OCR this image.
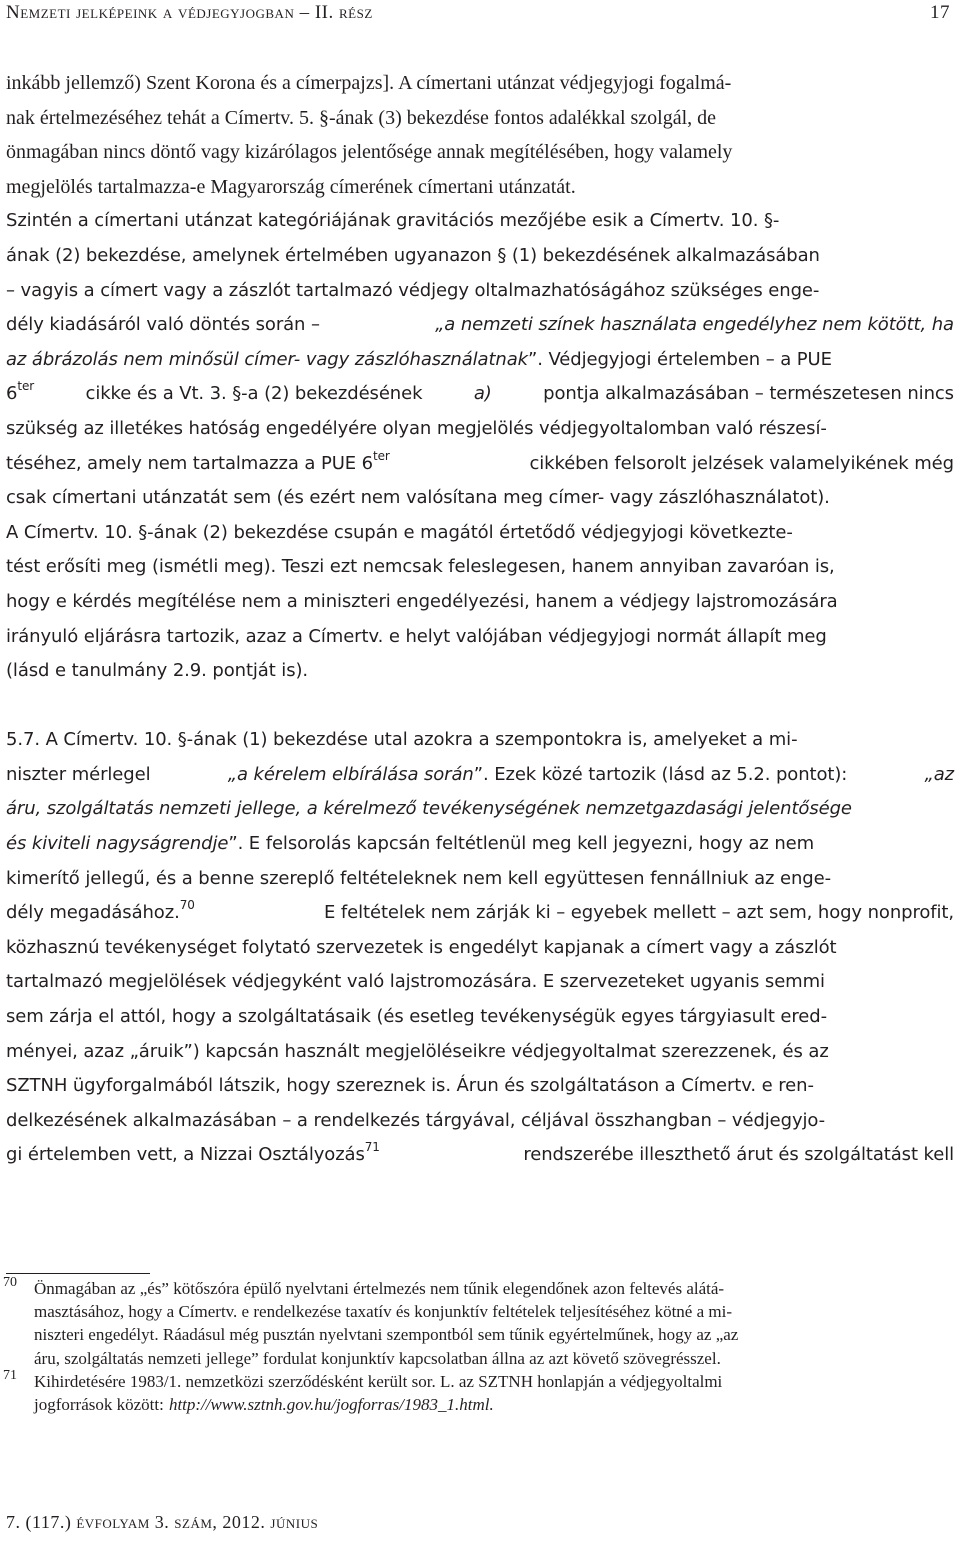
Nemzeti jelképeink a védjegyjogban – II. rész	17
inkább jellemző) Szent Korona és a címerpajzs]. A címertani utánzat védjegyjogi fogalmá-
nak értelmezéséhez tehát a Címertv. 5. §-ának (3) bekezdése fontos adalékkal szolgál, de
önmagában nincs döntő vagy kizárólagos jelentősége annak megítélésében, hogy valamely
megjelölés tartalmazza-e Magyarország címerének címertani utánzatát.
Szintén a címertani utánzat kategóriájának gravitációs mezőjébe esik a Címertv. 10. §-
ának (2) bekezdése, amelynek értelmében ugyanazon § (1) bekezdésének alkalmazásában
– vagyis a címert vagy a zászlót tartalmazó védjegy oltalmazhatóságához szükséges enge-
dély kiadásáról való döntés során –	„a nemzeti színek használata engedélyhez nem kötött, ha
az ábrázolás nem minősül címer- vagy zászlóhasználatnak”. Védjegyjogi értelemben – a PUE
$6^{ter}$	cikke és a Vt. 3. §-a (2) bekezdésének	a)	pontja alkalmazásában – természetesen nincs
szükség az illetékes hatóság engedélyére olyan megjelölés védjegyoltalomban való részesí-
téséhez, amely nem tartalmazza a PUE $6^{ter}$	cikkében felsorolt jelzések valamelyikének még
csak címertani utánzatát sem (és ezért nem valósítana meg címer- vagy zászlóhasználatot).
A Címertv. 10. §-ának (2) bekezdése csupán e magától értetődő védjegyjogi következte-
tést erősíti meg (ismétli meg). Teszi ezt nemcsak feleslegesen, hanem annyiban zavaróan is,
hogy e kérdés megítélése nem a miniszteri engedélyezési, hanem a védjegy lajstromozására
irányuló eljárásra tartozik, azaz a Címertv. e helyt valójában védjegyjogi normát állapít meg
(lásd e tanulmány 2.9. pontját is).
5.7. A Címertv. 10. §-ának (1) bekezdése utal azokra a szempontokra is, amelyeket a mi-
niszter mérlegel	„a kérelem elbírálása során”. Ezek közé tartozik (lásd az 5.2. pontot):	„az
áru, szolgáltatás nemzeti jellege, a kérelmező tevékenységének nemzetgazdasági jelentősége
és kiviteli nagyságrendje”. E felsorolás kapcsán feltétlenül meg kell jegyezni, hogy az nem
kimerítő jellegű, és a benne szereplő feltételeknek nem kell együttesen fennállniuk az enge-
dély megadásához.$^{70}$	E feltételek nem zárják ki – egyebek mellett – azt sem, hogy nonprofit,
közhasznú tevékenységet folytató szervezetek is engedélyt kapjanak a címert vagy a zászlót
tartalmazó megjelölések védjegyként való lajstromozására. E szervezeteket ugyanis semmi
sem zárja el attól, hogy a szolgáltatásaik (és esetleg tevékenységük egyes tárgyiasult ered-
ményei, azaz „áruik”) kapcsán használt megjelöléseikre védjegyoltalmat szerezzenek, és az
SZTNH ügyforgalmából látszik, hogy szereznek is. Árun és szolgáltatáson a Címertv. e ren-
delkezésének alkalmazásában – a rendelkezés tárgyával, céljával összhangban – védjegyjo-
gi értelemben vett, a Nizzai Osztályozás$^{71}$	rendszerébe illeszthető árut és szolgáltatást kell
70 Önmagában az „és” kötőszóra épülő nyelvtani értelmezés nem tűnik elegendőnek azon feltevés alátá-
masztásához, hogy a Címertv. e rendelkezése taxatív és konjunktív feltételek teljesítéséhez kötné a mi-
niszteri engedélyt. Ráadásul még pusztán nyelvtani szempontból sem tűnik egyértelműnek, hogy az „az
áru, szolgáltatás nemzeti jellege” fordulat konjunktív kapcsolatban állna az azt követő szövegrésszel.
71 Kihirdetésére 1983/1. nemzetközi szerződésként került sor. L. az SZTNH honlapján a védjegyoltalmi
jogforrások között: http://www.sztnh.gov.hu/jogforras/1983_1.html.
7. (117.) évfolyam 3. szám, 2012. június
